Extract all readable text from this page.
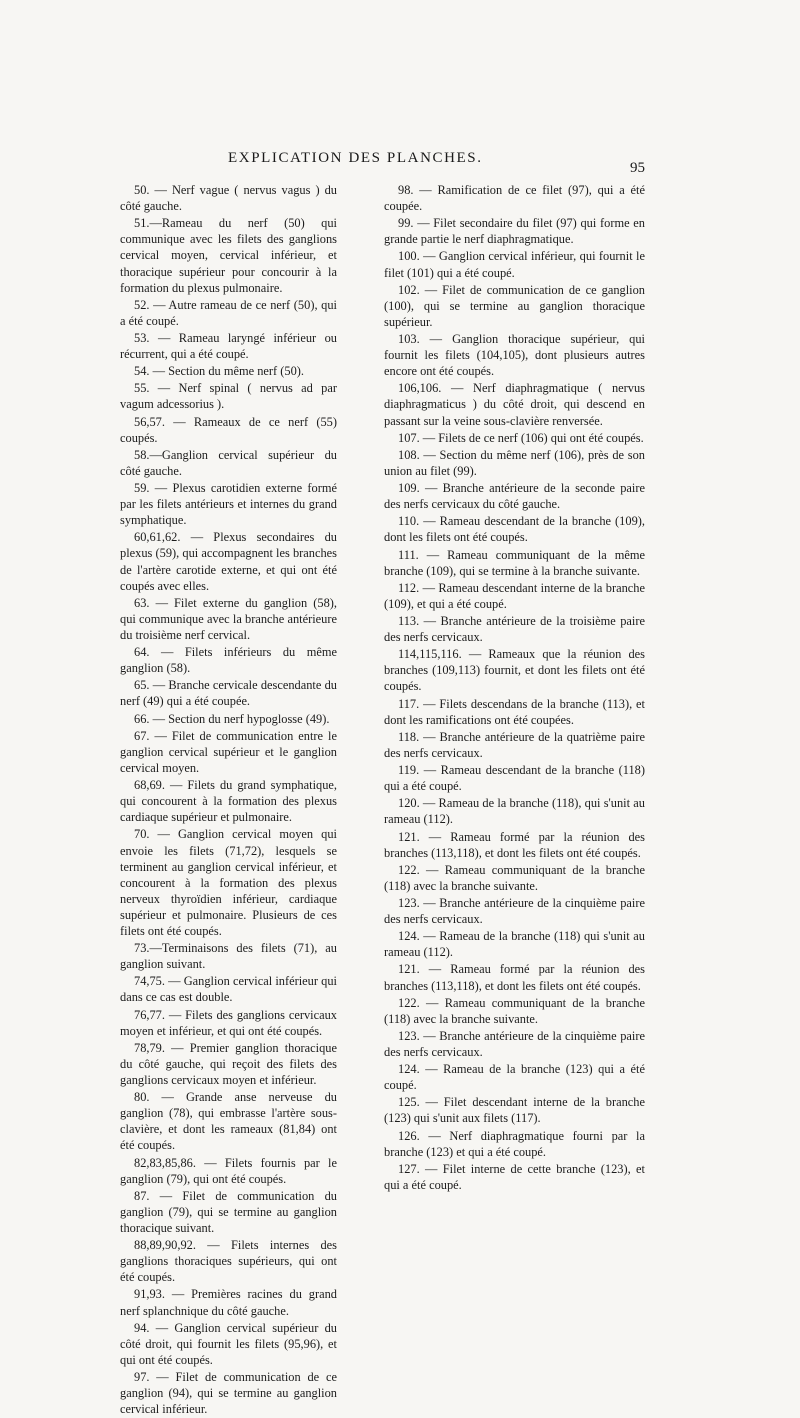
EXPLICATION DES PLANCHES.
95

50. — Nerf vague ( nervus vagus ) du côté gauche.

51.—Rameau du nerf (50) qui communique avec les filets des ganglions cervical moyen, cervical inférieur, et thoracique supérieur pour concourir à la formation du plexus pulmonaire.

52. — Autre rameau de ce nerf (50), qui a été coupé.

53. — Rameau laryngé inférieur ou récurrent, qui a été coupé.

54. — Section du même nerf (50).

55. — Nerf spinal ( nervus ad par vagum adcessorius ).

56,57. — Rameaux de ce nerf (55) coupés.

58.—Ganglion cervical supérieur du côté gauche.

59. — Plexus carotidien externe formé par les filets antérieurs et internes du grand symphatique.

60,61,62. — Plexus secondaires du plexus (59), qui accompagnent les branches de l'artère carotide externe, et qui ont été coupés avec elles.

63. — Filet externe du ganglion (58), qui communique avec la branche antérieure du troisième nerf cervical.

64. — Filets inférieurs du même ganglion (58).

65. — Branche cervicale descendante du nerf (49) qui a été coupée.

66. — Section du nerf hypoglosse (49).

67. — Filet de communication entre le ganglion cervical supérieur et le ganglion cervical moyen.

68,69. — Filets du grand symphatique, qui concourent à la formation des plexus cardiaque supérieur et pulmonaire.

70. — Ganglion cervical moyen qui envoie les filets (71,72), lesquels se terminent au ganglion cervical inférieur, et concourent à la formation des plexus nerveux thyroïdien inférieur, cardiaque supérieur et pulmonaire. Plusieurs de ces filets ont été coupés.

73.—Terminaisons des filets (71), au ganglion suivant.

74,75. — Ganglion cervical inférieur qui dans ce cas est double.

76,77. — Filets des ganglions cervicaux moyen et inférieur, et qui ont été coupés.

78,79. — Premier ganglion thoracique du côté gauche, qui reçoit des filets des ganglions cervicaux moyen et inférieur.

80. — Grande anse nerveuse du ganglion (78), qui embrasse l'artère sous-clavière, et dont les rameaux (81,84) ont été coupés.

82,83,85,86. — Filets fournis par le ganglion (79), qui ont été coupés.

87. — Filet de communication du ganglion (79), qui se termine au ganglion thoracique suivant.

88,89,90,92. — Filets internes des ganglions thoraciques supérieurs, qui ont été coupés.

91,93. — Premières racines du grand nerf splanchnique du côté gauche.

94. — Ganglion cervical supérieur du côté droit, qui fournit les filets (95,96), et qui ont été coupés.

97. — Filet de communication de ce ganglion (94), qui se termine au ganglion cervical inférieur.

98. — Ramification de ce filet (97), qui a été coupée.

99. — Filet secondaire du filet (97) qui forme en grande partie le nerf diaphragmatique.

100. — Ganglion cervical inférieur, qui fournit le filet (101) qui a été coupé.

102. — Filet de communication de ce ganglion (100), qui se termine au ganglion thoracique supérieur.

103. — Ganglion thoracique supérieur, qui fournit les filets (104,105), dont plusieurs autres encore ont été coupés.

106,106. — Nerf diaphragmatique ( nervus diaphragmaticus ) du côté droit, qui descend en passant sur la veine sous-clavière renversée.

107. — Filets de ce nerf (106) qui ont été coupés.

108. — Section du même nerf (106), près de son union au filet (99).

109. — Branche antérieure de la seconde paire des nerfs cervicaux du côté gauche.

110. — Rameau descendant de la branche (109), dont les filets ont été coupés.

111. — Rameau communiquant de la même branche (109), qui se termine à la branche suivante.

112. — Rameau descendant interne de la branche (109), et qui a été coupé.

113. — Branche antérieure de la troisième paire des nerfs cervicaux.

114,115,116. — Rameaux que la réunion des branches (109,113) fournit, et dont les filets ont été coupés.

117. — Filets descendans de la branche (113), et dont les ramifications ont été coupées.

118. — Branche antérieure de la quatrième paire des nerfs cervicaux.

119. — Rameau descendant de la branche (118) qui a été coupé.

120. — Rameau de la branche (118), qui s'unit au rameau (112).

121. — Rameau formé par la réunion des branches (113,118), et dont les filets ont été coupés.

122. — Rameau communiquant de la branche (118) avec la branche suivante.

123. — Branche antérieure de la cinquième paire des nerfs cervicaux.

124. — Rameau de la branche (118) qui s'unit au rameau (112).

121. — Rameau formé par la réunion des branches (113,118), et dont les filets ont été coupés.

122. — Rameau communiquant de la branche (118) avec la branche suivante.

123. — Branche antérieure de la cinquième paire des nerfs cervicaux.

124. — Rameau de la branche (123) qui a été coupé.

125. — Filet descendant interne de la branche (123) qui s'unit aux filets (117).

126. — Nerf diaphragmatique fourni par la branche (123) et qui a été coupé.

127. — Filet interne de cette branche (123), et qui a été coupé.
